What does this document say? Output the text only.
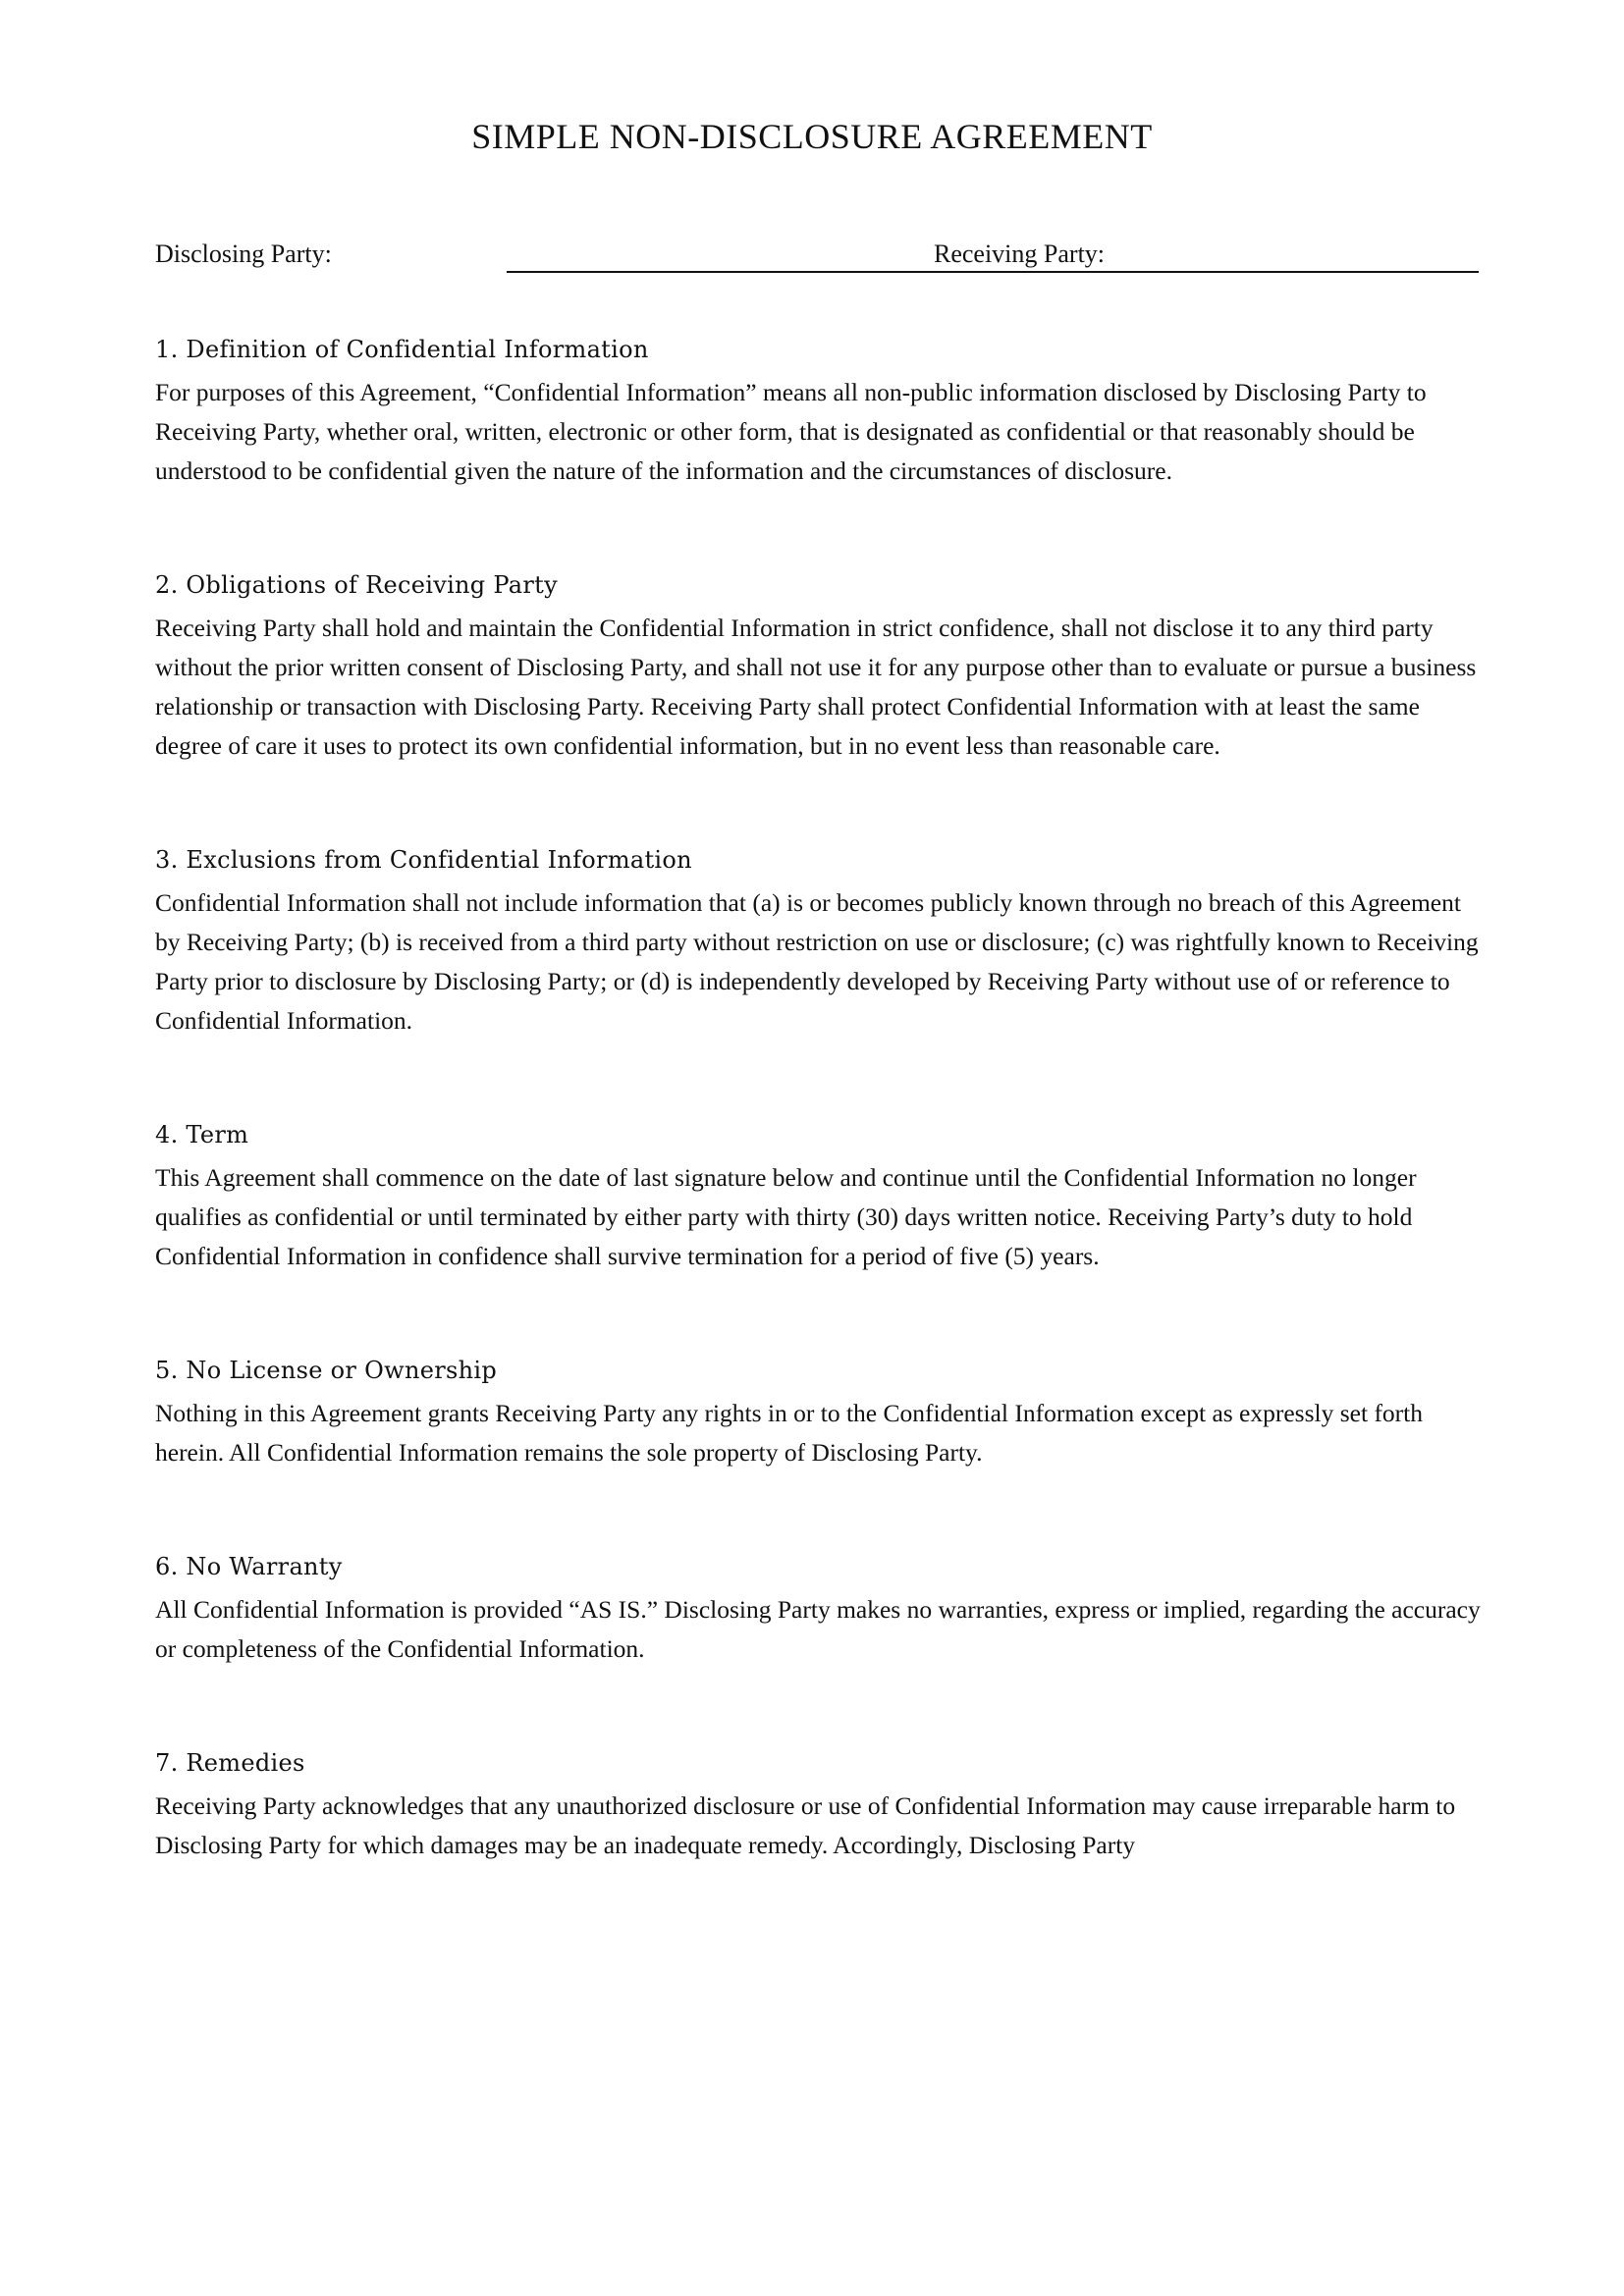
SIMPLE NON-DISCLOSURE AGREEMENT
Disclosing Party:	Receiving Party:
1. Definition of Confidential Information

For purposes of this Agreement, “Confidential Information” means all non-public information disclosed by Disclosing Party to Receiving Party, whether oral, written, electronic or other form, that is designated as confidential or that reasonably should be understood to be confidential given the nature of the information and the circumstances of disclosure.

2. Obligations of Receiving Party

Receiving Party shall hold and maintain the Confidential Information in strict confidence, shall not disclose it to any third party without the prior written consent of Disclosing Party, and shall not use it for any purpose other than to evaluate or pursue a business relationship or transaction with Disclosing Party. Receiving Party shall protect Confidential Information with at least the same degree of care it uses to protect its own confidential information, but in no event less than reasonable care.

3. Exclusions from Confidential Information

Confidential Information shall not include information that (a) is or becomes publicly known through no breach of this Agreement by Receiving Party; (b) is received from a third party without restriction on use or disclosure; (c) was rightfully known to Receiving Party prior to disclosure by Disclosing Party; or (d) is independently developed by Receiving Party without use of or reference to Confidential Information.

4. Term

This Agreement shall commence on the date of last signature below and continue until the Confidential Information no longer qualifies as confidential or until terminated by either party with thirty (30) days written notice. Receiving Party’s duty to hold Confidential Information in confidence shall survive termination for a period of five (5) years.

5. No License or Ownership

Nothing in this Agreement grants Receiving Party any rights in or to the Confidential Information except as expressly set forth herein. All Confidential Information remains the sole property of Disclosing Party.

6. No Warranty

All Confidential Information is provided “AS IS.” Disclosing Party makes no warranties, express or implied, regarding the accuracy or completeness of the Confidential Information.

7. Remedies

Receiving Party acknowledges that any unauthorized disclosure or use of Confidential Information may cause irreparable harm to Disclosing Party for which damages may be an inadequate remedy. Accordingly, Disclosing Party
